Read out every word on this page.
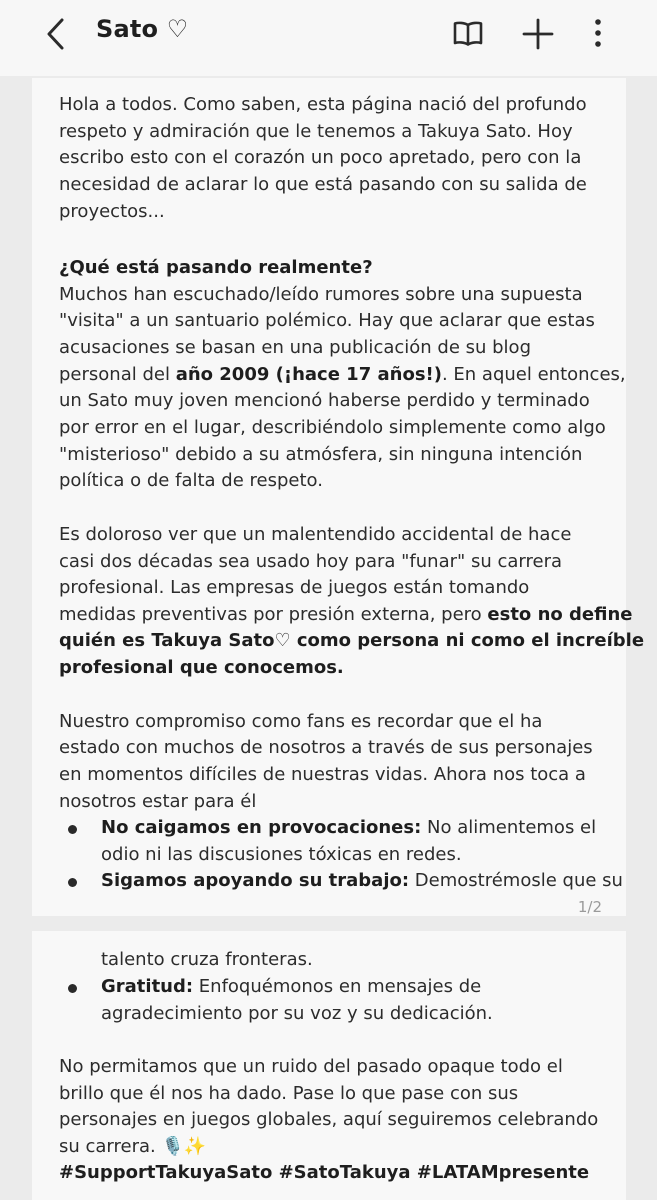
Sato ♡
Hola a todos. Como saben, esta página nació del profundo
respeto y admiración que le tenemos a Takuya Sato. Hoy
escribo esto con el corazón un poco apretado, pero con la
necesidad de aclarar lo que está pasando con su salida de
proyectos...
¿Qué está pasando realmente?
Muchos han escuchado/leído rumores sobre una supuesta
"visita" a un santuario polémico. Hay que aclarar que estas
acusaciones se basan en una publicación de su blog
personal del año 2009 (¡hace 17 años!). En aquel entonces,
un Sato muy joven mencionó haberse perdido y terminado
por error en el lugar, describiéndolo simplemente como algo
"misterioso" debido a su atmósfera, sin ninguna intención
política o de falta de respeto.
Es doloroso ver que un malentendido accidental de hace
casi dos décadas sea usado hoy para "funar" su carrera
profesional. Las empresas de juegos están tomando
medidas preventivas por presión externa, pero esto no define
quién es Takuya Sato♡ como persona ni como el increíble
profesional que conocemos.
Nuestro compromiso como fans es recordar que el ha
estado con muchos de nosotros a través de sus personajes
en momentos difíciles de nuestras vidas. Ahora nos toca a
nosotros estar para él
No caigamos en provocaciones: No alimentemos el
odio ni las discusiones tóxicas en redes.
Sigamos apoyando su trabajo: Demostrémosle que su
1/2
talento cruza fronteras.
Gratitud: Enfoquémonos en mensajes de
agradecimiento por su voz y su dedicación.
No permitamos que un ruido del pasado opaque todo el
brillo que él nos ha dado. Pase lo que pase con sus
personajes en juegos globales, aquí seguiremos celebrando
su carrera. 🎙️✨
#SupportTakuyaSato #SatoTakuya #LATAMpresente
